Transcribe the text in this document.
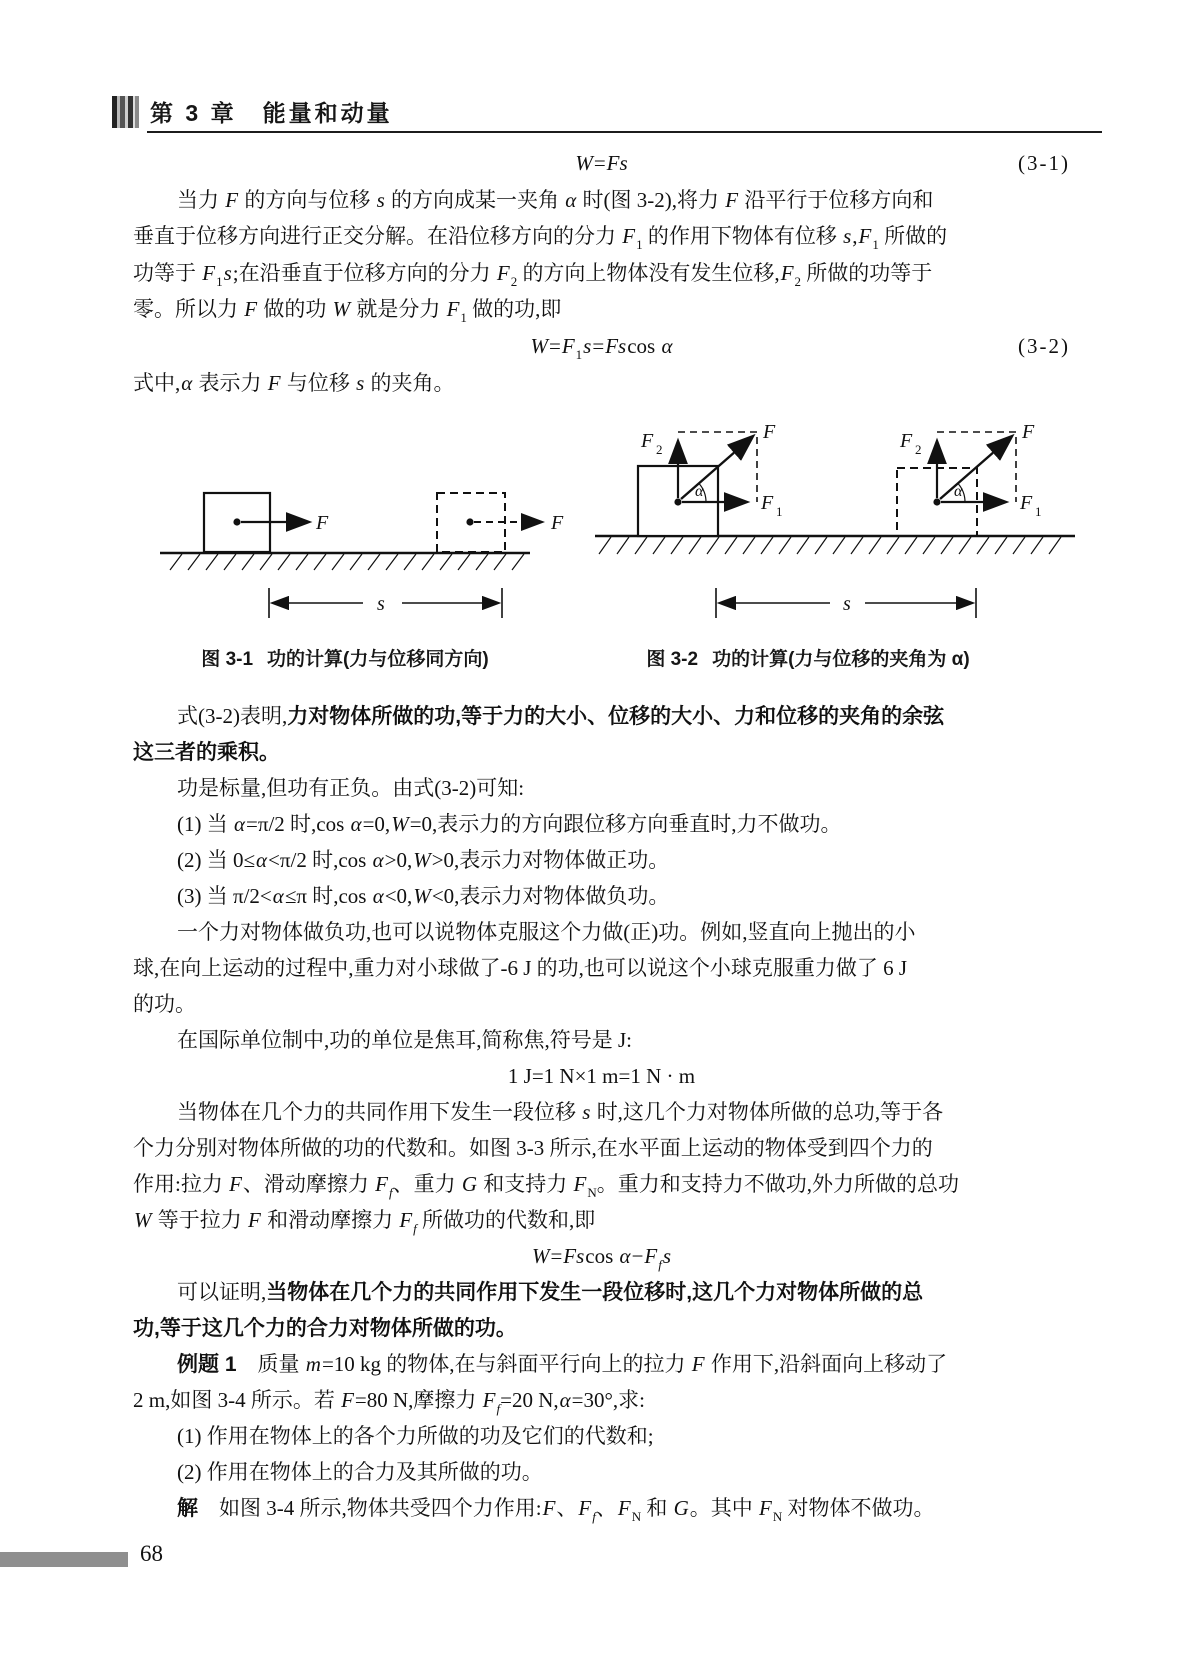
第 3 章　能量和动量
W=Fs	(3-1)
当力 F 的方向与位移 s 的方向成某一夹角 α 时(图 3-2),将力 F 沿平行于位移方向和
垂直于位移方向进行正交分解。在沿位移方向的分力 $F_1$ 的作用下物体有位移 $s,F_1$ 所做的
功等于 $F_1s$;在沿垂直于位移方向的分力 $F_2$ 的方向上物体没有发生位移$,F_2$ 所做的功等于
零。所以力 F 做的功 W 就是分力 $F_1$ 做的功,即
$W=F_1s=Fscos$ α	(3-2)
式中,α 表示力 F 与位移 s 的夹角。
F	F
s
α
F 2
F 1
F
α
F 2
F 1
F
s
图 3-1 功的计算(力与位移同方向)	图 3-2 功的计算(力与位移的夹角为 α)
式(3-2)表明,力对物体所做的功,等于力的大小、位移的大小、力和位移的夹角的余弦
这三者的乘积。
功是标量,但功有正负。由式(3-2)可知:
(1) 当 α=π/2 时,cos α=0,W=0,表示力的方向跟位移方向垂直时,力不做功。
(2) 当 0≤α<π/2 时,cos α>0,W>0,表示力对物体做正功。
(3) 当 π/2<α≤π 时,cos α<0,W<0,表示力对物体做负功。
一个力对物体做负功,也可以说物体克服这个力做(正)功。例如,竖直向上抛出的小
球,在向上运动的过程中,重力对小球做了-6 J 的功,也可以说这个小球克服重力做了 6 J
的功。
在国际单位制中,功的单位是焦耳,简称焦,符号是 J:
1 J=1 N×1 m=1 N · m
当物体在几个力的共同作用下发生一段位移 s 时,这几个力对物体所做的总功,等于各
个力分别对物体所做的功的代数和。如图 3-3 所示,在水平面上运动的物体受到四个力的
作用:拉力 F、滑动摩擦力 $F_f$、重力 G 和支持力 $F_N$。重力和支持力不做功,外力所做的总功
W 等于拉力 F 和滑动摩擦力 $F_f$ 所做功的代数和,即
W=Fscos $\alpha-F_fs$
可以证明,当物体在几个力的共同作用下发生一段位移时,这几个力对物体所做的总
功,等于这几个力的合力对物体所做的功。
例题 1　质量 m=10 kg 的物体,在与斜面平行向上的拉力 F 作用下,沿斜面向上移动了
2 m,如图 3-4 所示。若 F=80 N,摩擦力 $F_f=20$ N,α=30°,求:
(1) 作用在物体上的各个力所做的功及它们的代数和;
(2) 作用在物体上的合力及其所做的功。
解　如图 3-4 所示,物体共受四个力作用:F、$F_f$、$F_N$ 和 G。其中 $F_N$ 对物体不做功。
68
